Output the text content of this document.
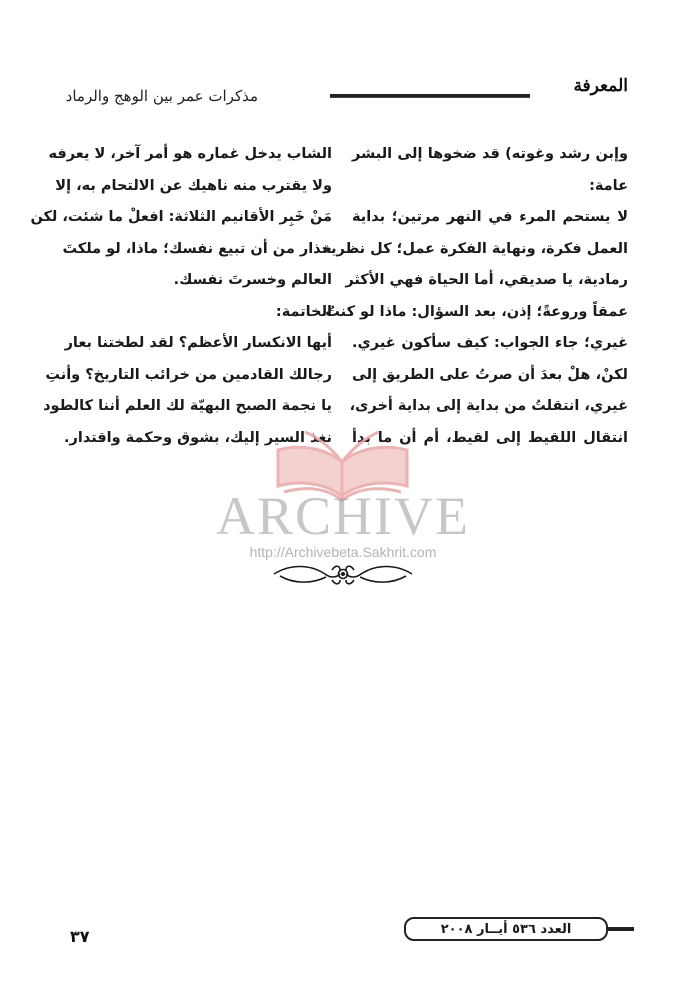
مذكرات عمر بين الوهج والرماد	المعرفة

وإبن رشد وغوته) قد ضخوها إلى البشر

عامة:

لا يستحم المرء في النهر مرتين؛ بداية

العمل فكرة، ونهاية الفكرة عمل؛ كل نظرية

رمادية، يا صديقي، أما الحياة فهي الأكثر

عمقاً وروعةً؛ إذن، بعد السؤال: ماذا لو كنتُ

غيري؛ جاء الجواب: كيف سأكون غيري.

لكنْ، هلْ بعدَ أن صرتُ على الطريق إلى

غيري، انتقلتُ من بداية إلى بداية أخرى،

انتقال اللقيط إلى لقيط، أم أن ما بدأ

الشاب يدخل غماره هو أمر آخر، لا يعرفه

ولا يقترب منه ناهيك عن الالتحام به، إلا

مَنْ خَبِر الأقانيم الثلاثة: افعلْ ما شئت، لكن

حذار من أن تبيع نفسك؛ ماذا، لو ملكتَ

العالم وخسرتَ نفسك.

الخاتمة:

أيها الانكسار الأعظم؟ لقد لطختنا بعار

رجالك القادمين من خرائب التاريخ؟ وأنتِ

يا نجمة الصبح البهيّة لك العلم أننا كالطود

نغذ السير إليك، بشوق وحكمة واقتدار.

ARCHIVE
http://Archivebeta.Sakhrit.com
العدد ٥٣٦ أيــار ٢٠٠٨
٣٧
